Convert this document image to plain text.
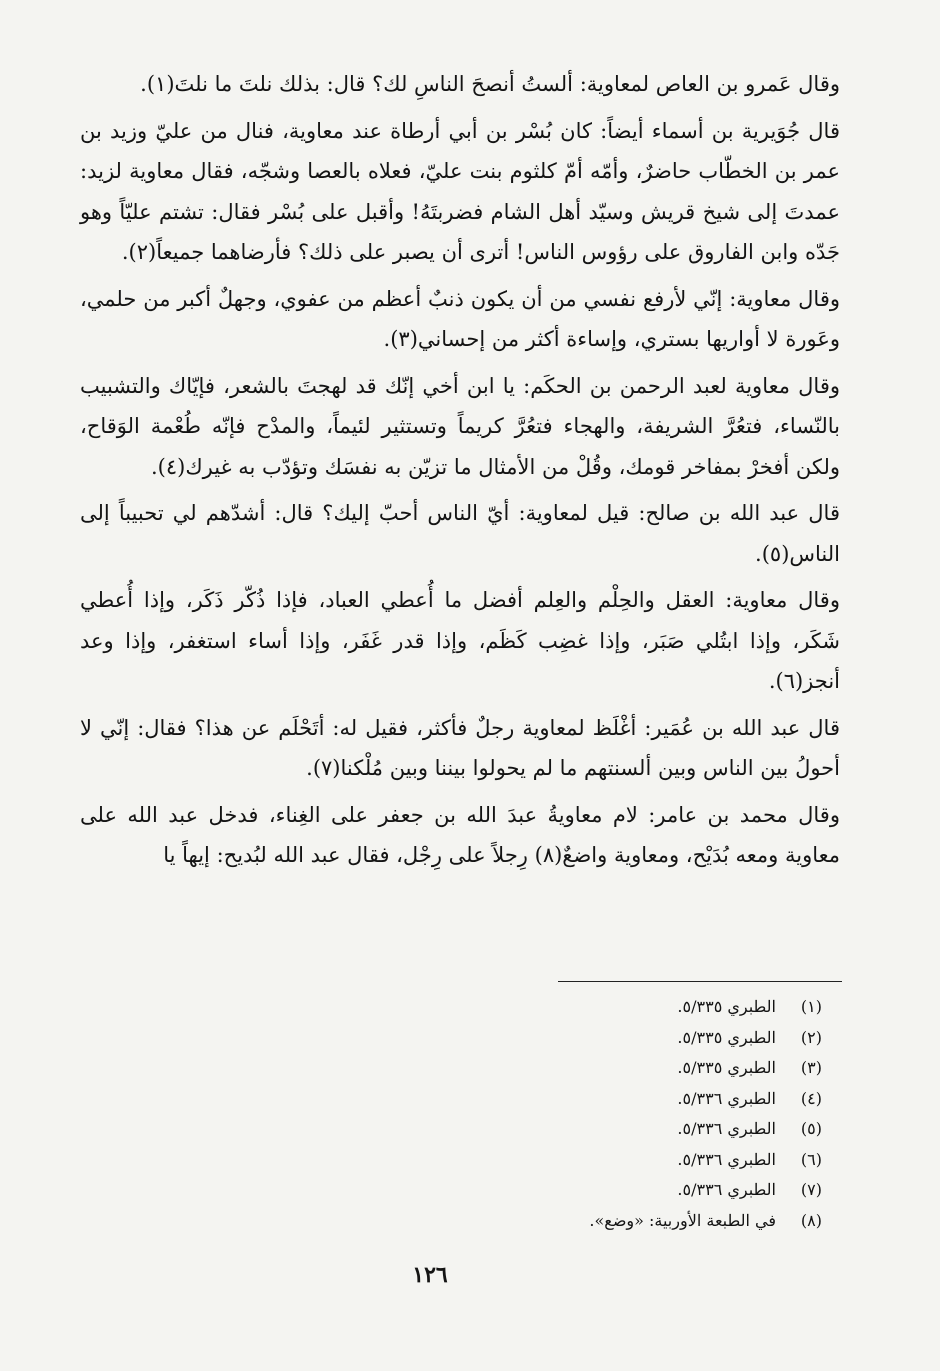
وقال عَمرو بن العاص لمعاوية: ألستُ أنصحَ الناسِ لك؟ قال: بذلك نلتَ ما نلتَ(١).

قال جُوَيرية بن أسماء أيضاً: كان بُسْر بن أبي أرطاة عند معاوية، فنال من عليّ وزيد بن عمر بن الخطّاب حاضرٌ، وأمّه أمّ كلثوم بنت عليّ، فعلاه بالعصا وشجّه، فقال معاوية لزيد: عمدتَ إلى شيخ قريش وسيّد أهل الشام فضربتَهُ! وأقبل على بُسْر فقال: تشتم عليّاً وهو جَدّه وابن الفاروق على رؤوس الناس! أترى أن يصبر على ذلك؟ فأرضاهما جميعاً(٢).

وقال معاوية: إنّي لأرفع نفسي من أن يكون ذنبٌ أعظم من عفوي، وجهلٌ أكبر من حلمي، وعَورة لا أواريها بستري، وإساءة أكثر من إحساني(٣).

وقال معاوية لعبد الرحمن بن الحكَم: يا ابن أخي إنّك قد لهجتَ بالشعر، فإيّاك والتشبيب بالنّساء، فتعُرَّ الشريفة، والهجاء فتعُرَّ كريماً وتستثير لئيماً، والمدْح فإنّه طُعْمة الوَقاح، ولكن أفخرْ بمفاخر قومك، وقُلْ من الأمثال ما تزيّن به نفسَك وتؤدّب به غيرك(٤).

قال عبد الله بن صالح: قيل لمعاوية: أيّ الناس أحبّ إليك؟ قال: أشدّهم لي تحبيباً إلى الناس(٥).

وقال معاوية: العقل والحِلْم والعِلم أفضل ما أُعطي العباد، فإذا ذُكّر ذَكَر، وإذا أُعطي شَكَر، وإذا ابتُلي صَبَر، وإذا غضِب كَظَم، وإذا قدر غَفَر، وإذا أساء استغفر، وإذا وعد أنجز(٦).

قال عبد الله بن عُمَير: أغْلَظ لمعاوية رجلٌ فأكثر، فقيل له: أتَحْلَم عن هذا؟ فقال: إنّي لا أحولُ بين الناس وبين ألسنتهم ما لم يحولوا بيننا وبين مُلْكنا(٧).

وقال محمد بن عامر: لام معاويةُ عبدَ الله بن جعفر على الغِناء، فدخل عبد الله على معاوية ومعه بُدَيْح، ومعاوية واضعٌ(٨) رِجلاً على رِجْل، فقال عبد الله لبُديح: إيهاً يا

(١)
الطبري ٥/٣٣٥.
(٢)
الطبري ٥/٣٣٥.
(٣)
الطبري ٥/٣٣٥.
(٤)
الطبري ٥/٣٣٦.
(٥)
الطبري ٥/٣٣٦.
(٦)
الطبري ٥/٣٣٦.
(٧)
الطبري ٥/٣٣٦.
(٨)
في الطبعة الأوربية: «وضع».
١٢٦
